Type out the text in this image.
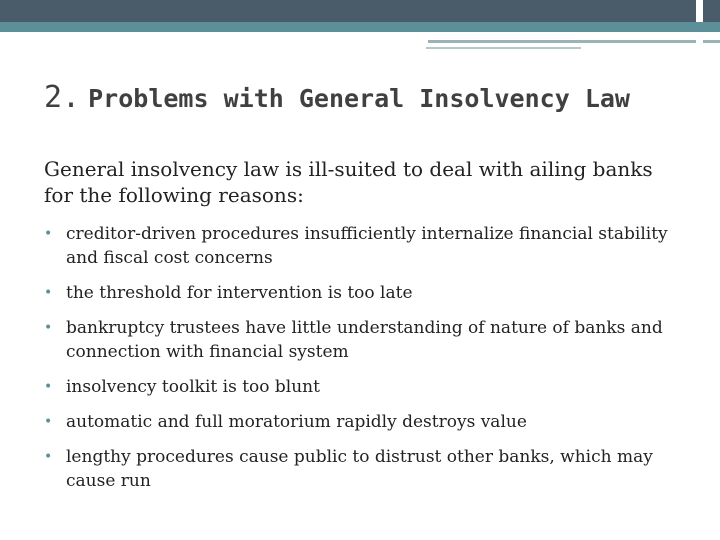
2. Problems with General Insolvency Law

General insolvency law is ill-suited to deal with ailing banks for the following reasons:

• creditor-driven procedures insufficiently internalize financial stability and fiscal cost concerns
• the threshold for intervention is too late
• bankruptcy trustees have little understanding of nature of banks and connection with financial system
• insolvency toolkit is too blunt
• automatic and full moratorium rapidly destroys value
• lengthy procedures cause public to distrust other banks, which may cause run
